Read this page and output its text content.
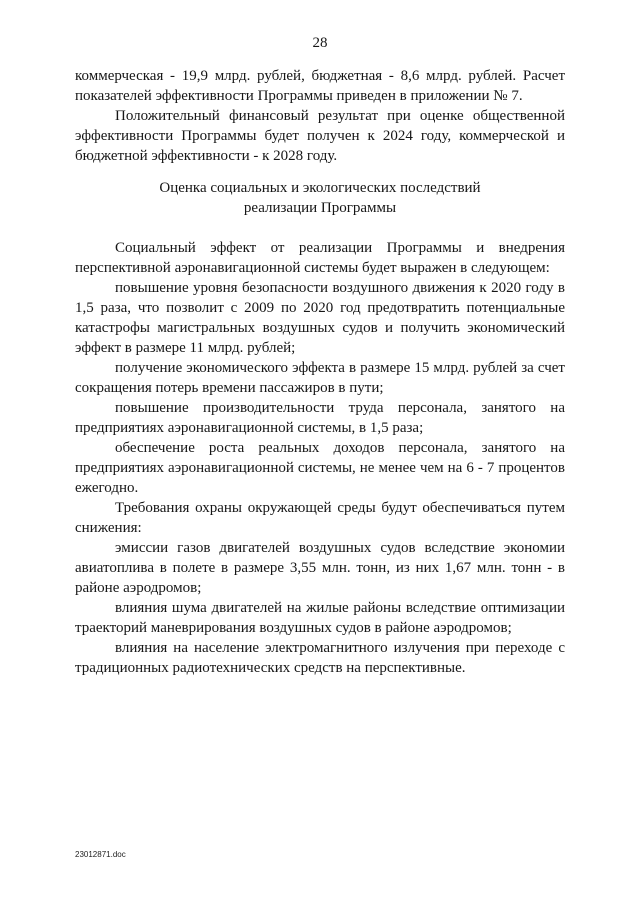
28

коммерческая - 19,9 млрд. рублей, бюджетная - 8,6 млрд. рублей. Расчет показателей эффективности Программы приведен в приложении № 7.

Положительный финансовый результат при оценке общественной эффективности Программы будет получен к 2024 году, коммерческой и бюджетной эффективности - к 2028 году.

Оценка социальных и экологических последствий
реализации Программы

Социальный эффект от реализации Программы и внедрения перспективной аэронавигационной системы будет выражен в следующем:

повышение уровня безопасности воздушного движения к 2020 году в 1,5 раза, что позволит с 2009 по 2020 год предотвратить потенциальные катастрофы магистральных воздушных судов и получить экономический эффект в размере 11 млрд. рублей;

получение экономического эффекта в размере 15 млрд. рублей за счет сокращения потерь времени пассажиров в пути;

повышение производительности труда персонала, занятого на предприятиях аэронавигационной системы, в 1,5 раза;

обеспечение роста реальных доходов персонала, занятого на предприятиях аэронавигационной системы, не менее чем на 6 - 7 процентов ежегодно.

Требования охраны окружающей среды будут обеспечиваться путем снижения:

эмиссии газов двигателей воздушных судов вследствие экономии авиатоплива в полете в размере 3,55 млн. тонн, из них 1,67 млн. тонн - в районе аэродромов;

влияния шума двигателей на жилые районы вследствие оптимизации траекторий маневрирования воздушных судов в районе аэродромов;

влияния на население электромагнитного излучения при переходе с традиционных радиотехнических средств на перспективные.

23012871.doc
